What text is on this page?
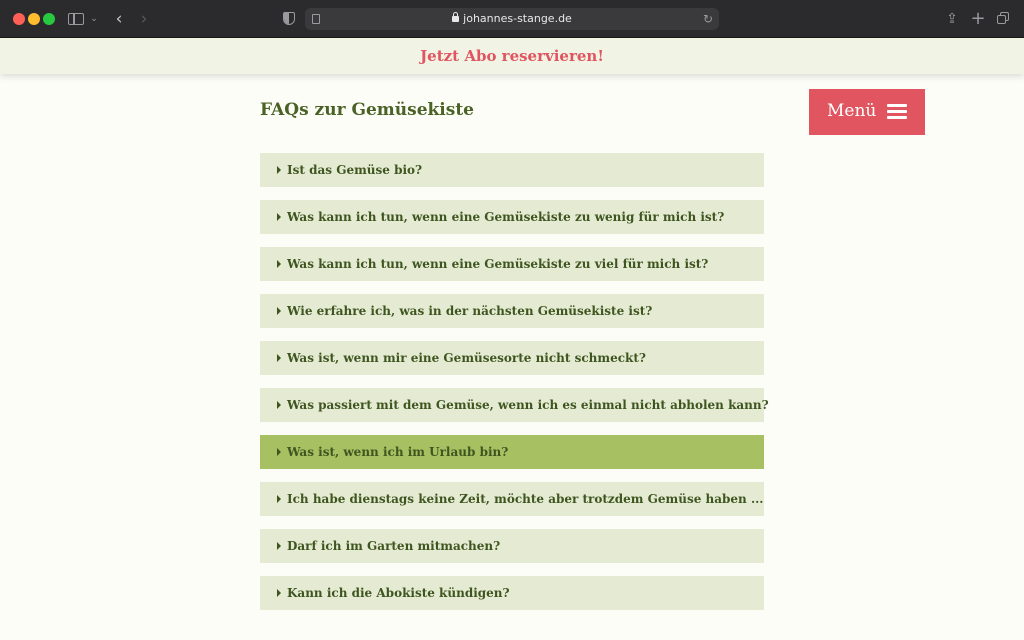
⌄ ‹ ›	johannes-stange.de	↻	⇪ +
Jetzt Abo reservieren!
FAQs zur Gemüsekiste	Menü
Ist das Gemüse bio?
Was kann ich tun, wenn eine Gemüsekiste zu wenig für mich ist?
Was kann ich tun, wenn eine Gemüsekiste zu viel für mich ist?
Wie erfahre ich, was in der nächsten Gemüsekiste ist?
Was ist, wenn mir eine Gemüsesorte nicht schmeckt?
Was passiert mit dem Gemüse, wenn ich es einmal nicht abholen kann?
Was ist, wenn ich im Urlaub bin?
Ich habe dienstags keine Zeit, möchte aber trotzdem Gemüse haben ...
Darf ich im Garten mitmachen?
Kann ich die Abokiste kündigen?
